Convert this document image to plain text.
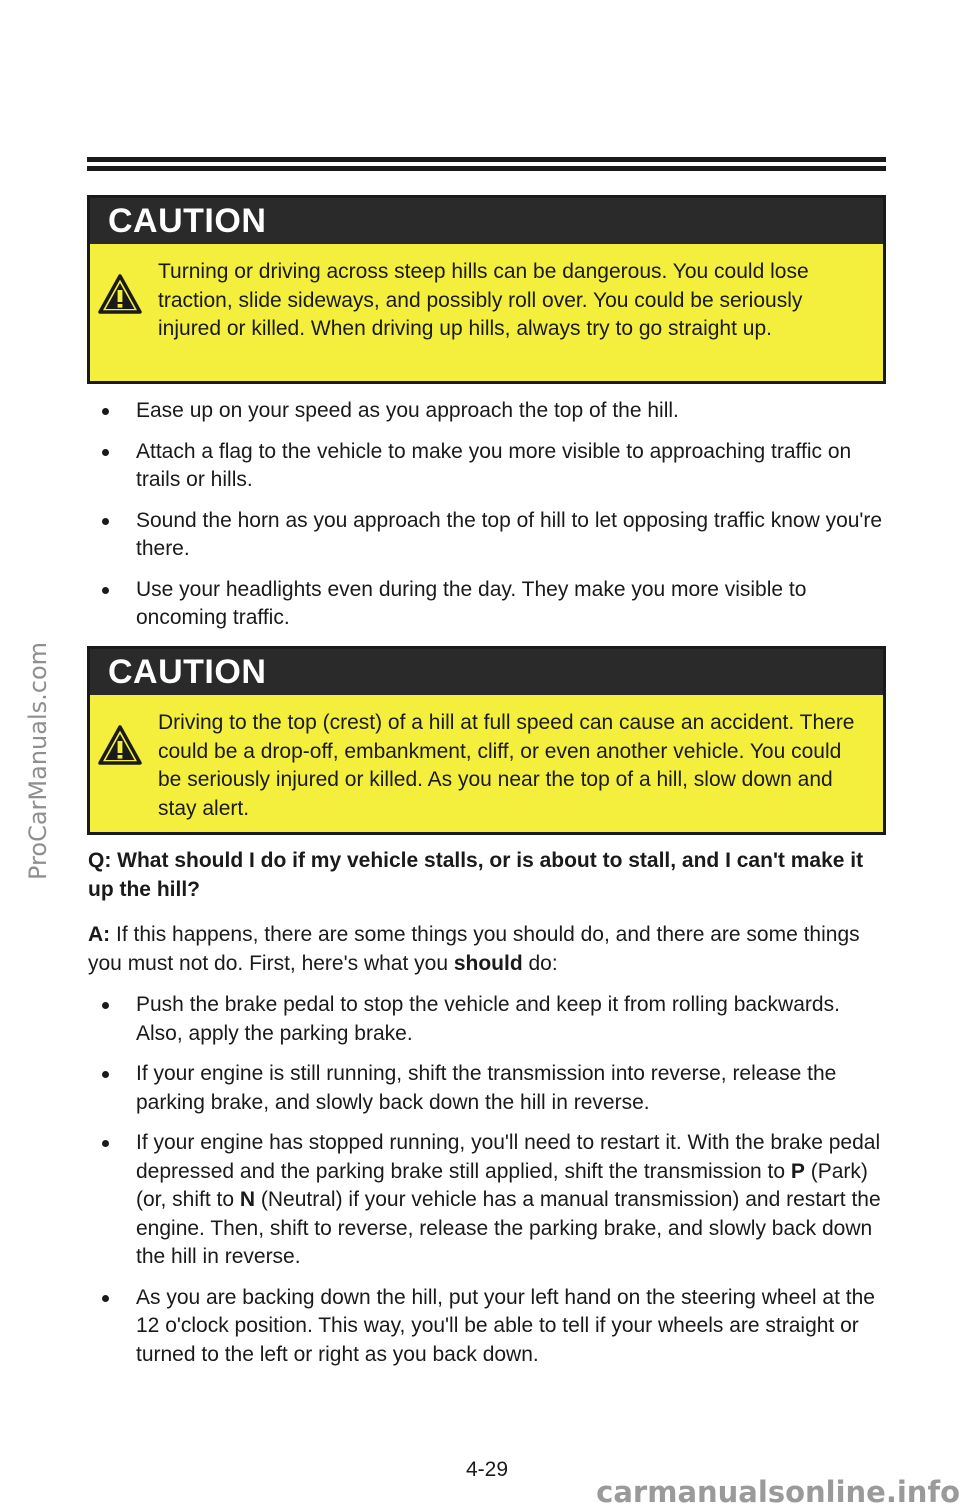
ProCarManuals.com
CAUTION
Turning or driving across steep hills can be dangerous. You could lose traction, slide sideways, and possibly roll over. You could be seriously injured or killed. When driving up hills, always try to go straight up.
Ease up on your speed as you approach the top of the hill.
Attach a flag to the vehicle to make you more visible to approaching traffic on trails or hills.
Sound the horn as you approach the top of hill to let opposing traffic know you're there.
Use your headlights even during the day. They make you more visible to oncoming traffic.
CAUTION
Driving to the top (crest) of a hill at full speed can cause an accident. There could be a drop-off, embankment, cliff, or even another vehicle. You could be seriously injured or killed. As you near the top of a hill, slow down and stay alert.
Q: What should I do if my vehicle stalls, or is about to stall, and I can't make it up the hill?
A: If this happens, there are some things you should do, and there are some things you must not do. First, here's what you should do:
Push the brake pedal to stop the vehicle and keep it from rolling backwards. Also, apply the parking brake.
If your engine is still running, shift the transmission into reverse, release the parking brake, and slowly back down the hill in reverse.
If your engine has stopped running, you'll need to restart it. With the brake pedal depressed and the parking brake still applied, shift the transmission to P (Park) (or, shift to N (Neutral) if your vehicle has a manual transmission) and restart the engine. Then, shift to reverse, release the parking brake, and slowly back down the hill in reverse.
As you are backing down the hill, put your left hand on the steering wheel at the 12 o'clock position. This way, you'll be able to tell if your wheels are straight or turned to the left or right as you back down.
4-29
carmanualsonline.info
